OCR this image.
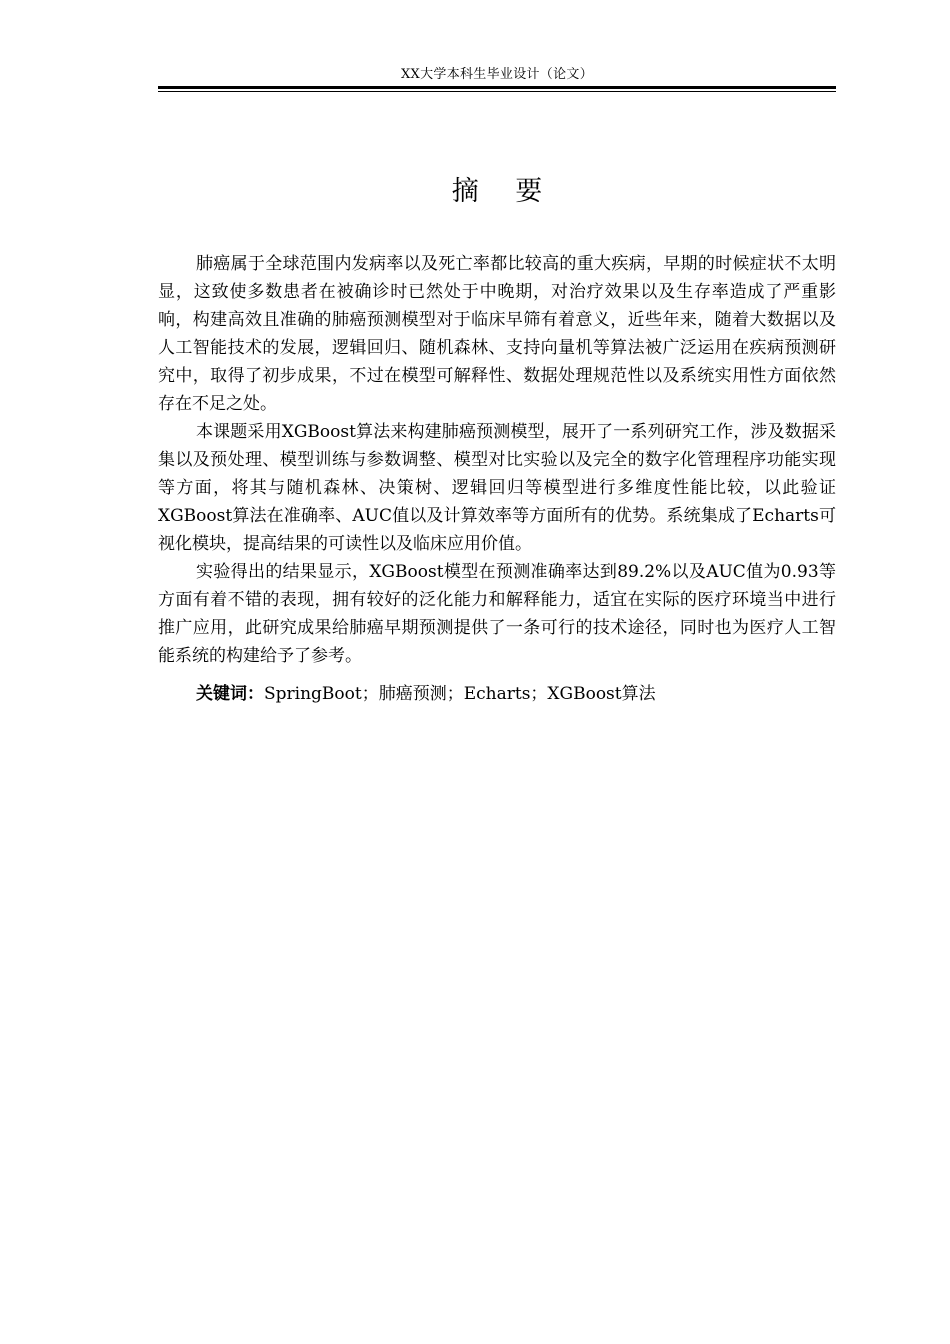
XX大学本科生毕业设计（论文）
摘 要

肺癌属于全球范围内发病率以及死亡率都比较高的重大疾病，早期的时候症状不太明显，这致使多数患者在被确诊时已然处于中晚期，对治疗效果以及生存率造成了严重影响，构建高效且准确的肺癌预测模型对于临床早筛有着意义，近些年来，随着大数据以及人工智能技术的发展，逻辑回归、随机森林、支持向量机等算法被广泛运用在疾病预测研究中，取得了初步成果，不过在模型可解释性、数据处理规范性以及系统实用性方面依然存在不足之处。

本课题采用XGBoost算法来构建肺癌预测模型，展开了一系列研究工作，涉及数据采集以及预处理、模型训练与参数调整、模型对比实验以及完全的数字化管理程序功能实现等方面，将其与随机森林、决策树、逻辑回归等模型进行多维度性能比较，以此验证XGBoost算法在准确率、AUC值以及计算效率等方面所有的优势。系统集成了Echarts可视化模块，提高结果的可读性以及临床应用价值。

实验得出的结果显示，XGBoost模型在预测准确率达到89.2%以及AUC值为0.93等方面有着不错的表现，拥有较好的泛化能力和解释能力，适宜在实际的医疗环境当中进行推广应用，此研究成果给肺癌早期预测提供了一条可行的技术途径，同时也为医疗人工智能系统的构建给予了参考。

关键词：SpringBoot；肺癌预测；Echarts；XGBoost算法
